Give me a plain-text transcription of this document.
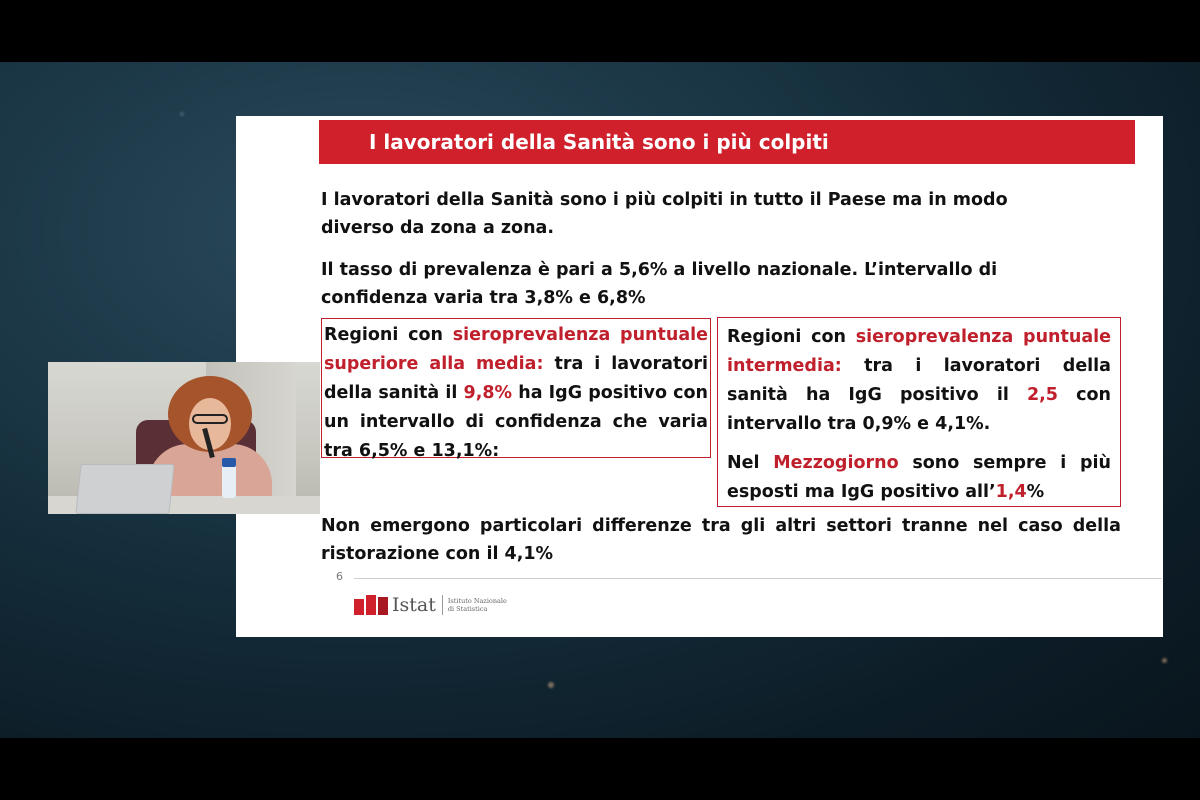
I lavoratori della Sanità sono i più colpiti
I lavoratori della Sanità sono i più colpiti in tutto il Paese ma in modo diverso da zona a zona.
Il tasso di prevalenza è pari a 5,6% a livello nazionale. L’intervallo di confidenza varia tra 3,8% e 6,8%
Regioni con sieroprevalenza puntuale superiore alla media: tra i lavoratori della sanità il 9,8% ha IgG positivo con un intervallo di confidenza che varia tra 6,5% e 13,1%:
Regioni con sieroprevalenza puntuale intermedia: tra i lavoratori della sanità ha IgG positivo il 2,5 con intervallo tra 0,9% e 4,1%.
Nel Mezzogiorno sono sempre i più esposti ma IgG positivo all’1,4%
Non emergono particolari differenze tra gli altri settori tranne nel caso della ristorazione con il 4,1%
6
Istat Istituto Nazionale
di Statistica
